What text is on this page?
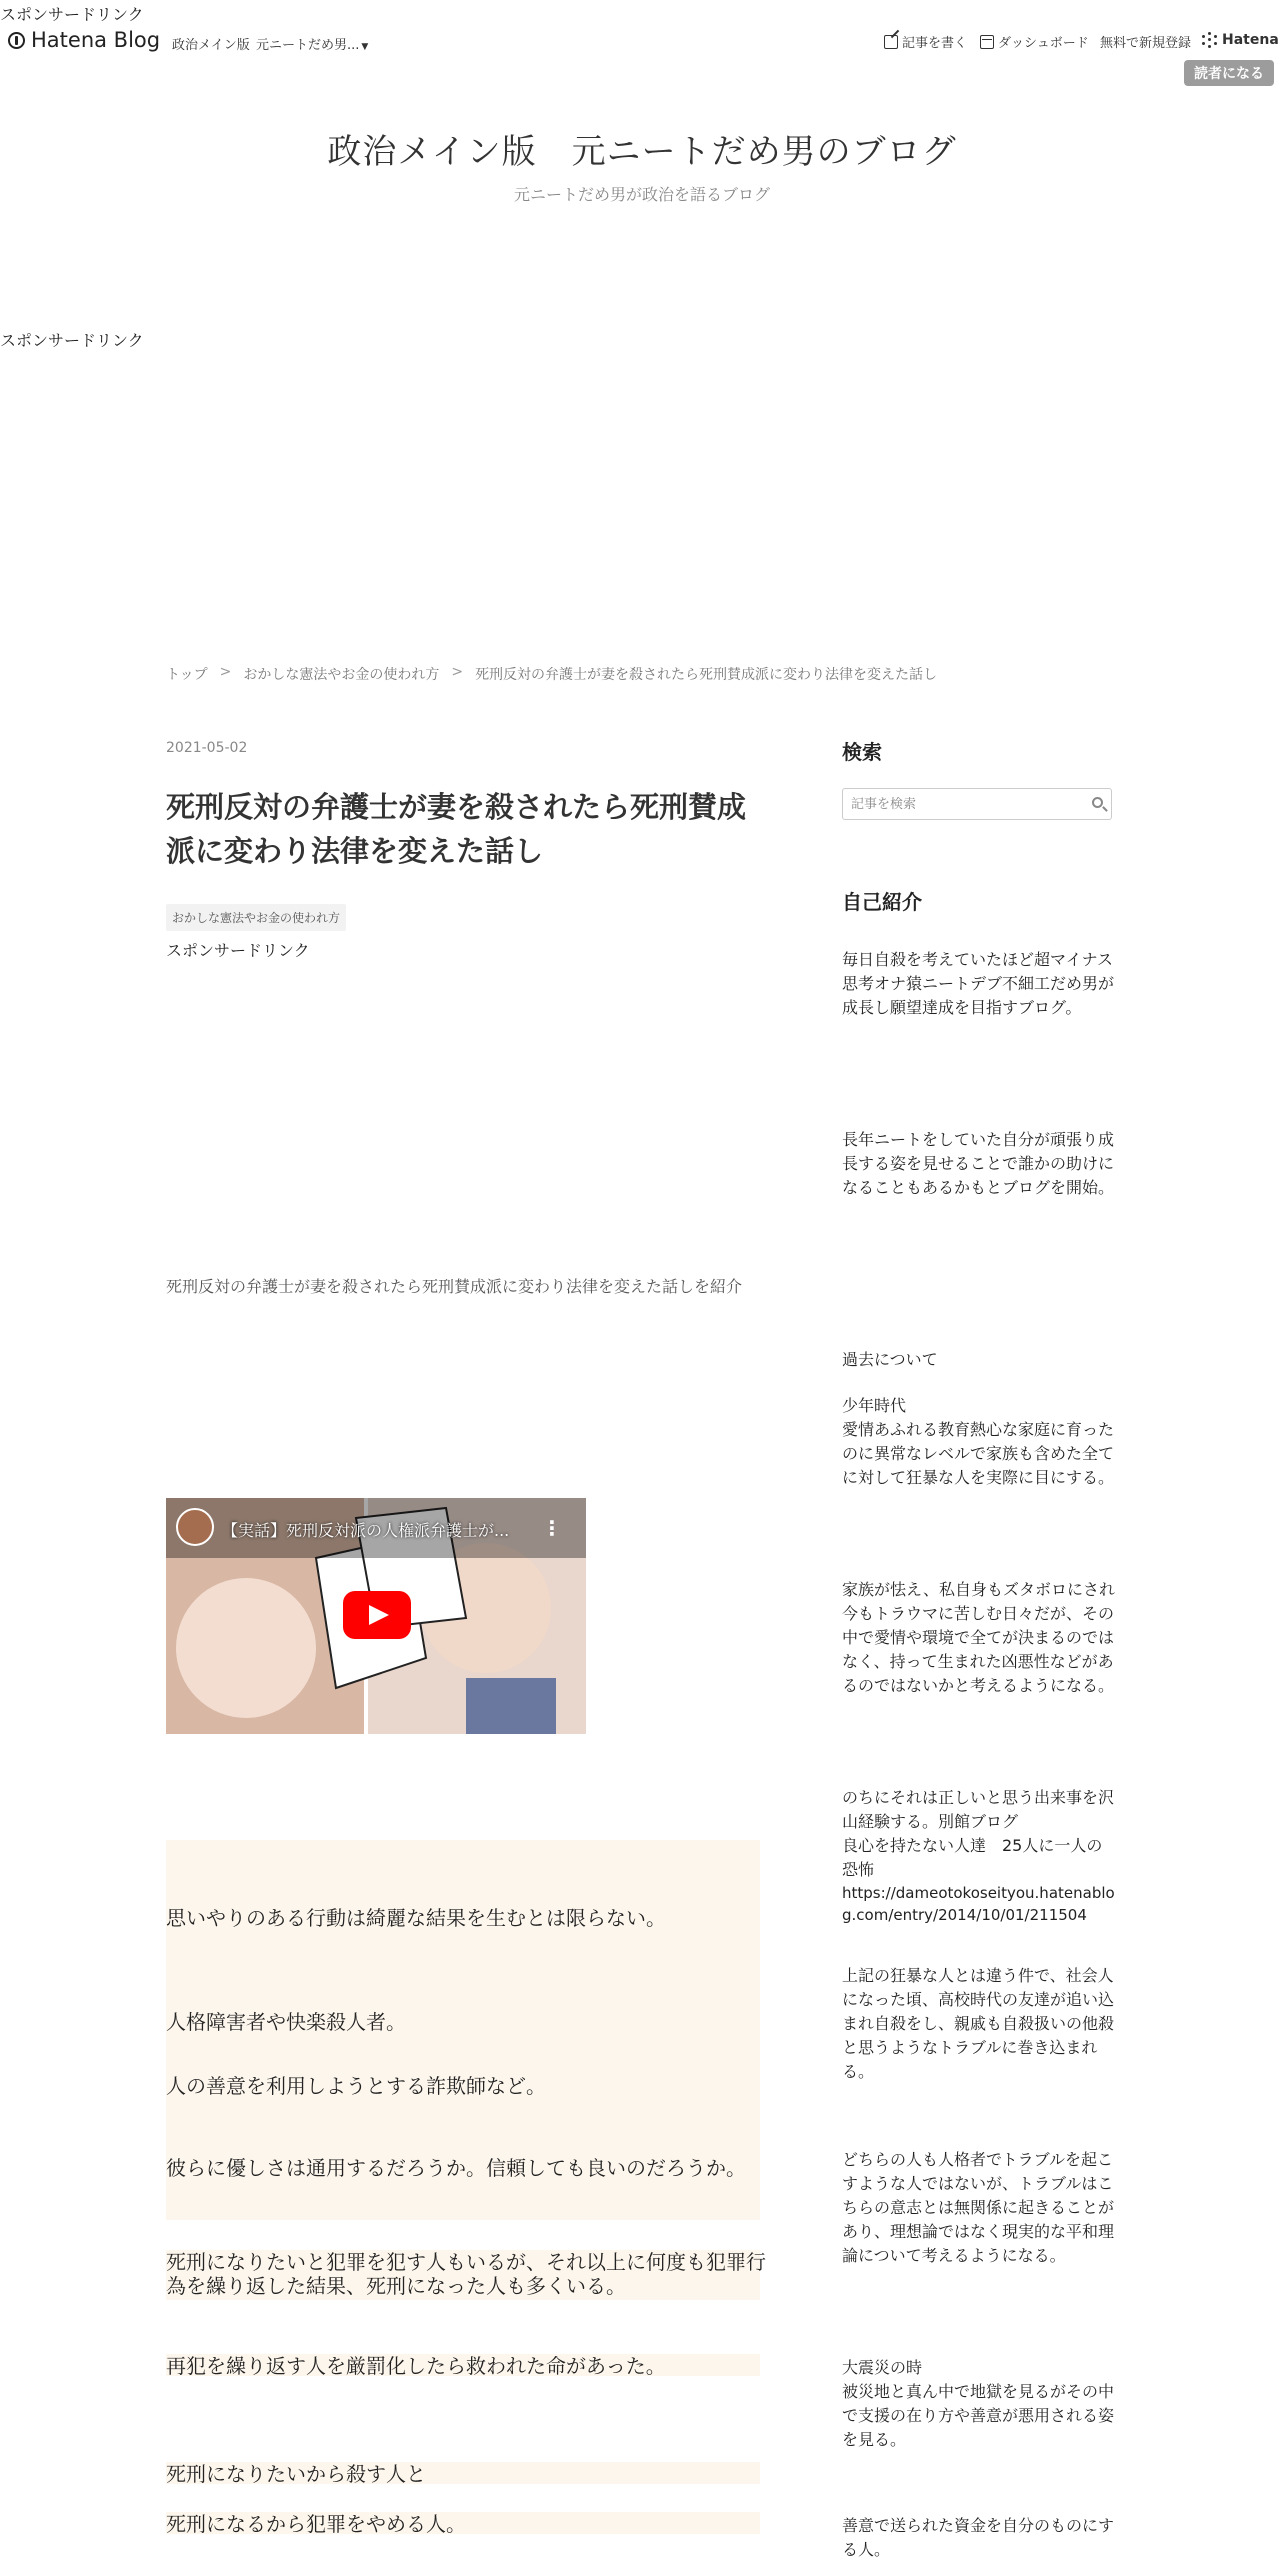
スポンサードリンク
Hatena Blog 政治メイン版 元ニートだめ男... ▼	記事を書く ダッシュボード 無料で新規登録 Hatena
読者になる
政治メイン版　元ニートだめ男のブログ
元ニートだめ男が政治を語るブログ
スポンサードリンク
トップ > おかしな憲法やお金の使われ方 > 死刑反対の弁護士が妻を殺されたら死刑賛成派に変わり法律を変えた話し
2021-05-02
死刑反対の弁護士が妻を殺されたら死刑賛成派に変わり法律を変えた話し
おかしな憲法やお金の使われ方
スポンサードリンク
死刑反対の弁護士が妻を殺されたら死刑賛成派に変わり法律を変えた話しを紹介
【実話】死刑反対派の人権派弁護士が...	⋮
思いやりのある行動は綺麗な結果を生むとは限らない。
人格障害者や快楽殺人者。
人の善意を利用しようとする詐欺師など。
彼らに優しさは通用するだろうか。信頼しても良いのだろうか。
死刑になりたいと犯罪を犯す人もいるが、それ以上に何度も犯罪行為を繰り返した結果、死刑になった人も多くいる。
再犯を繰り返す人を厳罰化したら救われた命があった。
死刑になりたいから殺す人と
死刑になるから犯罪をやめる人。
検索
記事を検索
自己紹介
毎日自殺を考えていたほど超マイナス思考オナ猿ニートデブ不細工だめ男が成長し願望達成を目指すブログ。
長年ニートをしていた自分が頑張り成長する姿を見せることで誰かの助けになることもあるかもとブログを開始。
過去について
少年時代
愛情あふれる教育熱心な家庭に育ったのに異常なレベルで家族も含めた全てに対して狂暴な人を実際に目にする。
家族が怯え、私自身もズタボロにされ今もトラウマに苦しむ日々だが、その中で愛情や環境で全てが決まるのではなく、持って生まれた凶悪性などがあるのではないかと考えるようになる。
のちにそれは正しいと思う出来事を沢山経験する。別館ブログ
良心を持たない人達　25人に一人の恐怖
https://dameotokoseityou.hatenablog.com/entry/2014/10/01/211504
上記の狂暴な人とは違う件で、社会人になった頃、高校時代の友達が追い込まれ自殺をし、親戚も自殺扱いの他殺と思うようなトラブルに巻き込まれる。
どちらの人も人格者でトラブルを起こすような人ではないが、トラブルはこちらの意志とは無関係に起きることがあり、理想論ではなく現実的な平和理論について考えるようになる。
大震災の時
被災地と真ん中で地獄を見るがその中で支援の在り方や善意が悪用される姿を見る。
善意で送られた資金を自分のものにする人。
